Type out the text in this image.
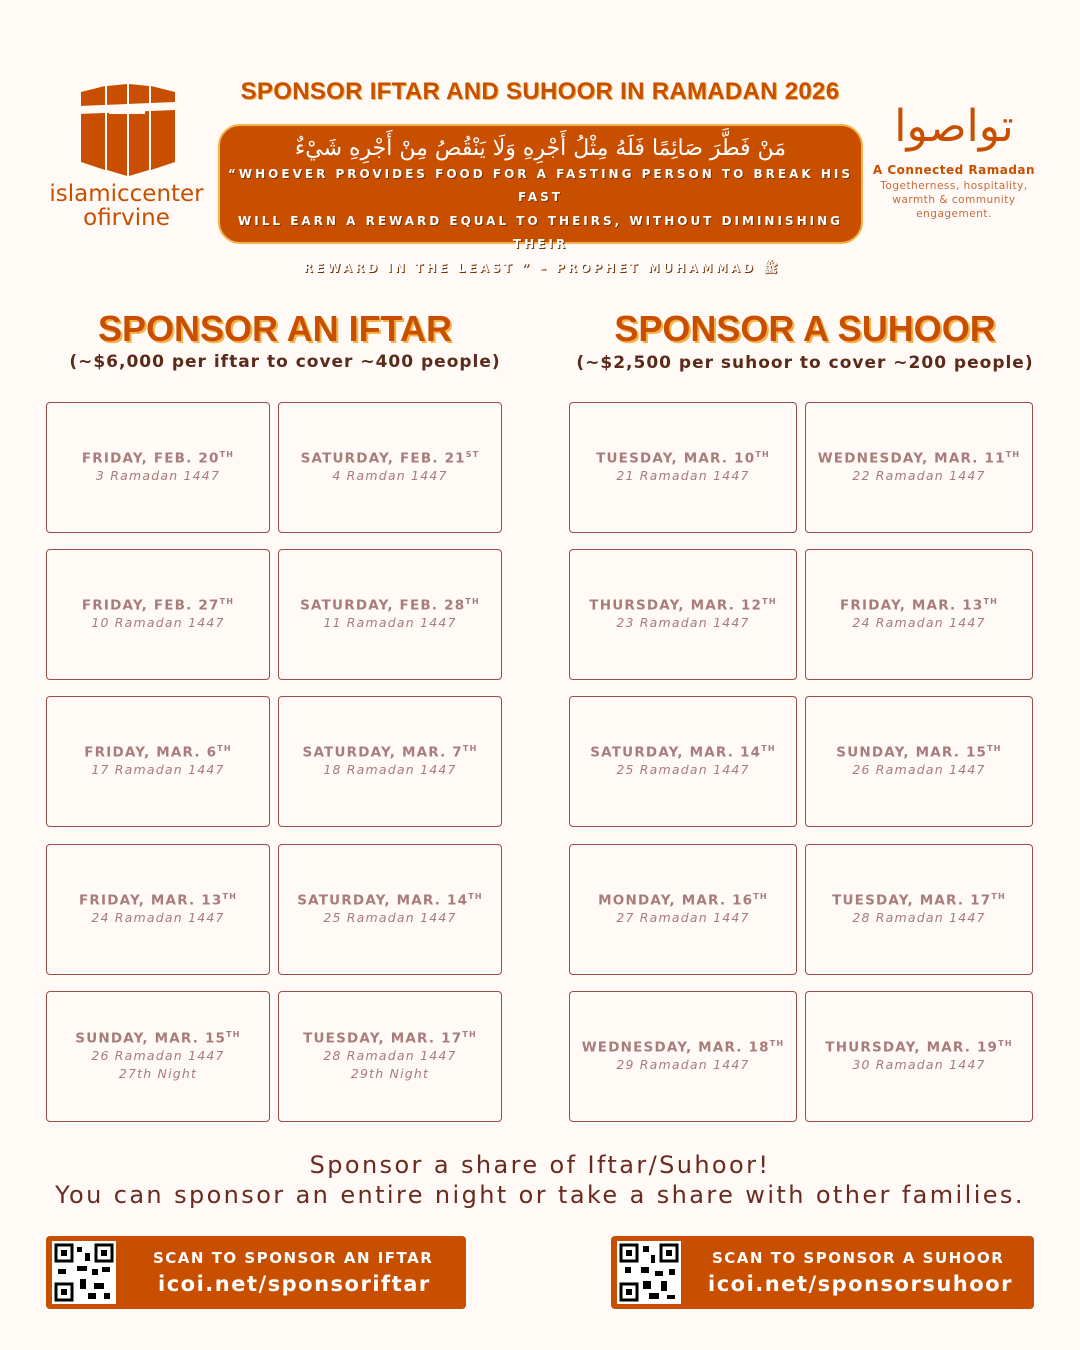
islamiccenter
ofirvine
SPONSOR IFTAR AND SUHOOR IN RAMADAN 2026
مَنْ فَطَّرَ صَائِمًا فَلَهُ مِثْلُ أَجْرِهِ وَلَا يَنْقُصُ مِنْ أَجْرِهِ شَيْءٌ
“WHOEVER PROVIDES FOOD FOR A FASTING PERSON TO BREAK HIS FAST
WILL EARN A REWARD EQUAL TO THEIRS, WITHOUT DIMINISHING THEIR
REWARD IN THE LEAST ” – PROPHET MUHAMMAD ﷺ
تواصوا
A Connected Ramadan
Togetherness, hospitality, warmth & community engagement.
SPONSOR AN IFTAR
(~$6,000 per iftar to cover ~400 people)
SPONSOR A SUHOOR
(~$2,500 per suhoor to cover ~200 people)
FRIDAY, FEB. 20TH
3 Ramadan 1447
SATURDAY, FEB. 21ST
4 Ramdan 1447
FRIDAY, FEB. 27TH
10 Ramadan 1447
SATURDAY, FEB. 28TH
11 Ramadan 1447
FRIDAY, MAR. 6TH
17 Ramadan 1447
SATURDAY, MAR. 7TH
18 Ramadan 1447
FRIDAY, MAR. 13TH
24 Ramadan 1447
SATURDAY, MAR. 14TH
25 Ramadan 1447
SUNDAY, MAR. 15TH
26 Ramadan 1447
27th Night
TUESDAY, MAR. 17TH
28 Ramadan 1447
29th Night
TUESDAY, MAR. 10TH
21 Ramadan 1447
WEDNESDAY, MAR. 11TH
22 Ramadan 1447
THURSDAY, MAR. 12TH
23 Ramadan 1447
FRIDAY, MAR. 13TH
24 Ramadan 1447
SATURDAY, MAR. 14TH
25 Ramadan 1447
SUNDAY, MAR. 15TH
26 Ramadan 1447
MONDAY, MAR. 16TH
27 Ramadan 1447
TUESDAY, MAR. 17TH
28 Ramadan 1447
WEDNESDAY, MAR. 18TH
29 Ramadan 1447
THURSDAY, MAR. 19TH
30 Ramadan 1447
Sponsor a share of Iftar/Suhoor!
You can sponsor an entire night or take a share with other families.
SCAN TO SPONSOR AN IFTAR
icoi.net/sponsoriftar
SCAN TO SPONSOR A SUHOOR
icoi.net/sponsorsuhoor
